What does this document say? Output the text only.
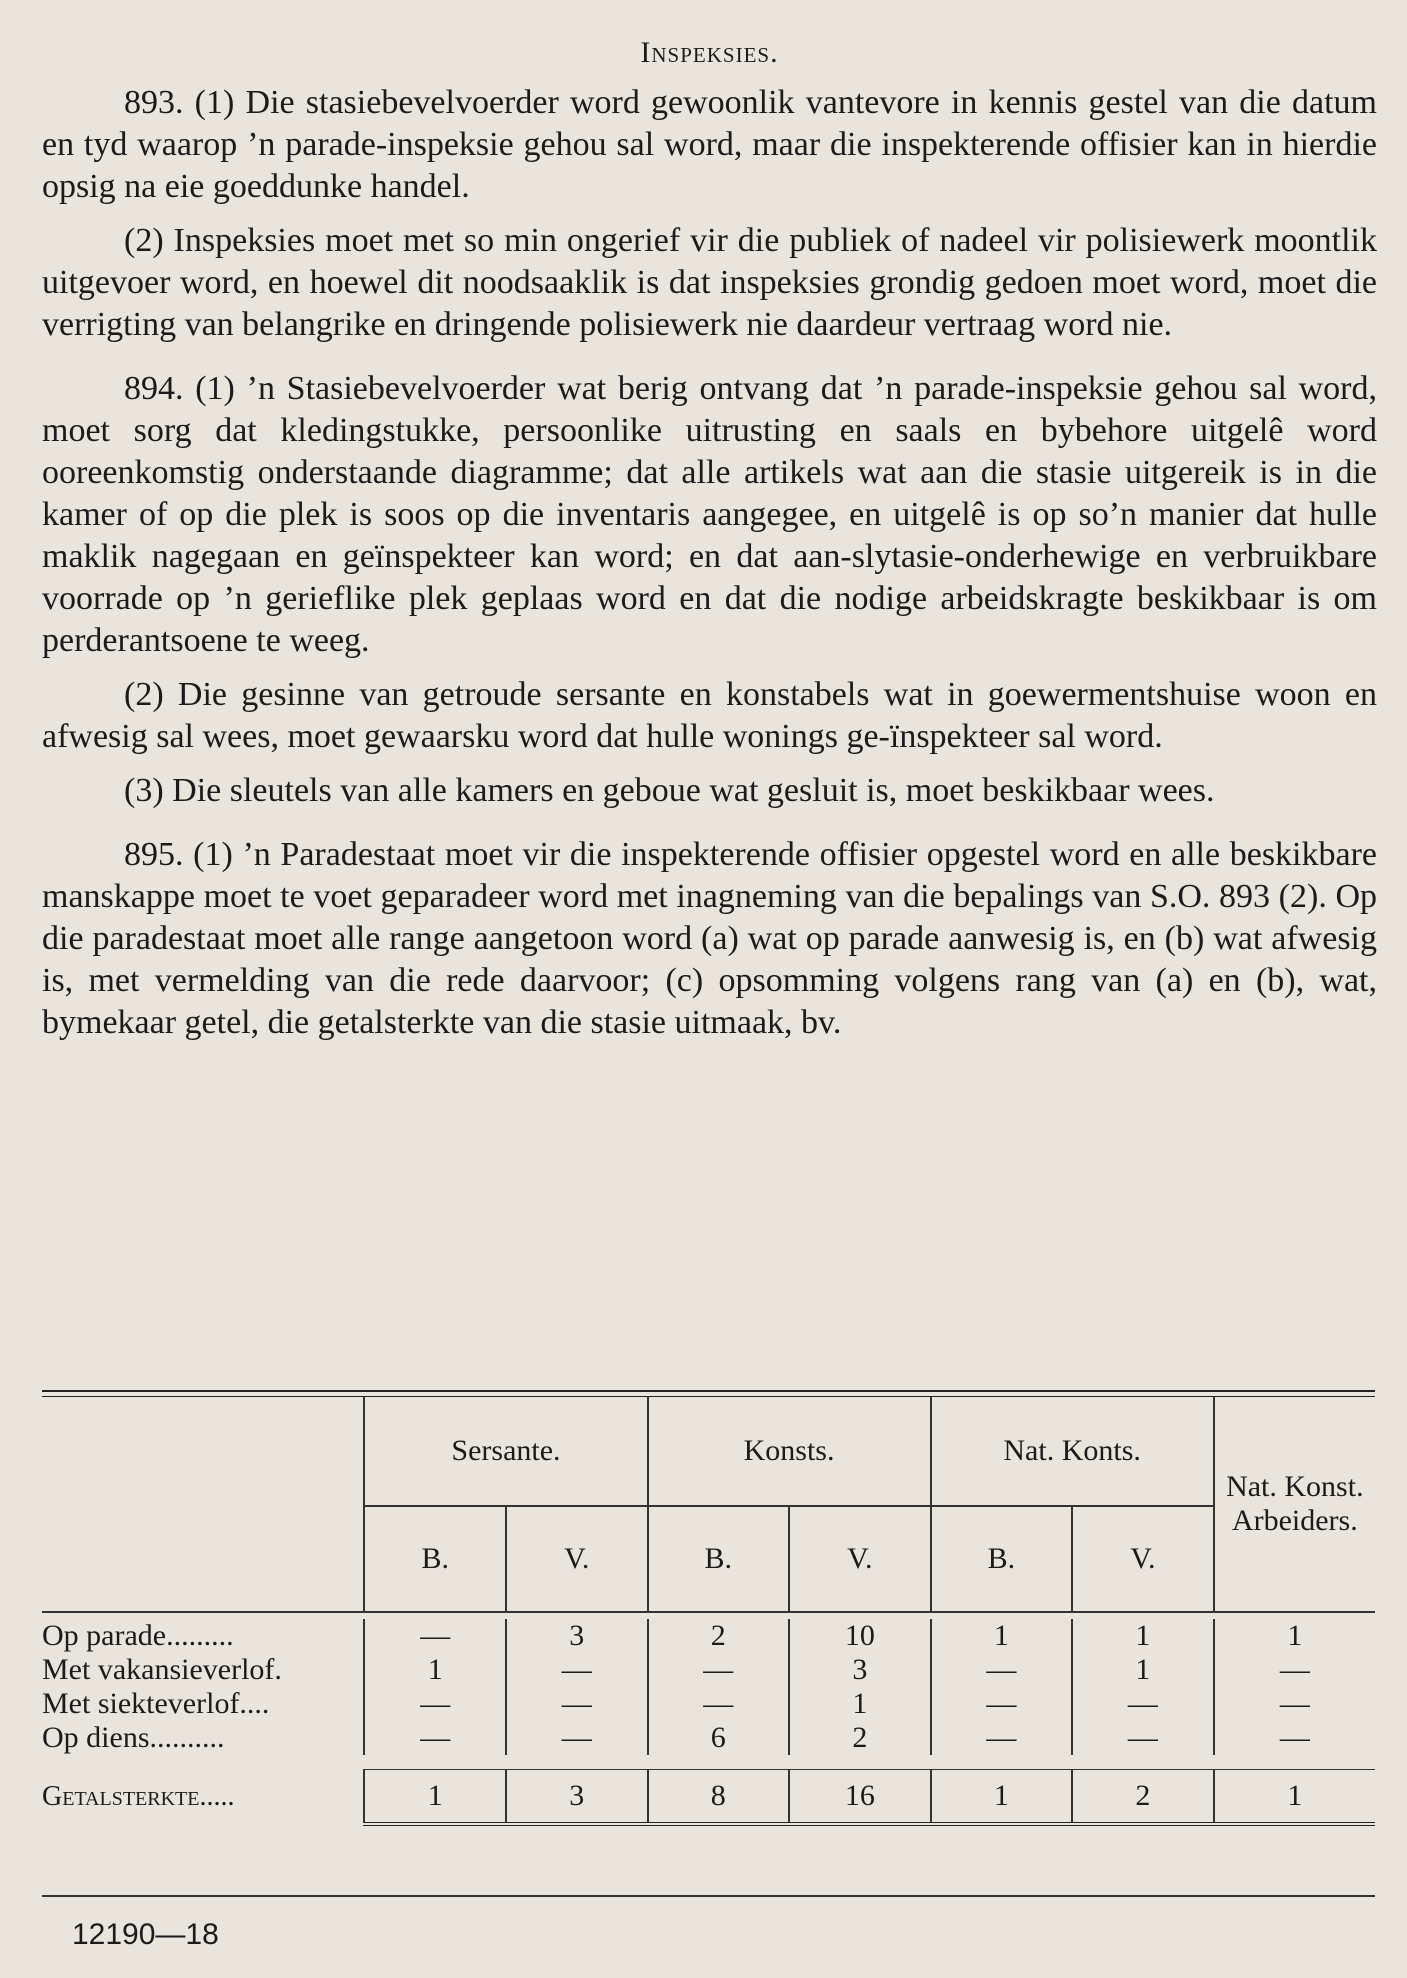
Inspeksies.

893. (1) Die stasiebevelvoerder word gewoonlik vantevore in kennis gestel van die datum en tyd waarop ’n parade-inspeksie gehou sal word, maar die inspekterende offisier kan in hierdie opsig na eie goeddunke handel.

(2) Inspeksies moet met so min ongerief vir die publiek of nadeel vir polisiewerk moontlik uitgevoer word, en hoewel dit noodsaaklik is dat inspeksies grondig gedoen moet word, moet die verrigting van belangrike en dringende polisiewerk nie daardeur vertraag word nie.

894. (1) ’n Stasiebevelvoerder wat berig ontvang dat ’n parade-inspeksie gehou sal word, moet sorg dat kledingstukke, persoonlike uitrusting en saals en bybehore uitgelê word ooreenkomstig onderstaande diagramme; dat alle artikels wat aan die stasie uitgereik is in die kamer of op die plek is soos op die inventaris aangegee, en uitgelê is op so’n manier dat hulle maklik nagegaan en geïnspekteer kan word; en dat aan-slytasie-onderhewige en verbruikbare voorrade op ’n gerieflike plek geplaas word en dat die nodige arbeidskragte beskikbaar is om perderantsoene te weeg.

(2) Die gesinne van getroude sersante en konstabels wat in goewermentshuise woon en afwesig sal wees, moet gewaarsku word dat hulle wonings ge-ïnspekteer sal word.

(3) Die sleutels van alle kamers en geboue wat gesluit is, moet beskikbaar wees.

895. (1) ’n Paradestaat moet vir die inspekterende offisier opgestel word en alle beskikbare manskappe moet te voet geparadeer word met inagneming van die bepalings van S.O. 893 (2). Op die paradestaat moet alle range aangetoon word (a) wat op parade aanwesig is, en (b) wat afwesig is, met vermelding van die rede daarvoor; (c) opsomming volgens rang van (a) en (b), wat, bymekaar getel, die getalsterkte van die stasie uitmaak, bv.

	Sersante.		Konsts.		Nat. Konts.		Nat. Konst. Arbeiders.
	B.	V.	B.	V.	B.	V.	

Op parade.........	—	3	2	10	1	1	1
Met vakansieverlof.	1	—	—	3	—	1	—
Met siekteverlof....	—	—	—	1	—	—	—
Op diens..........	—	—	6	2	—	—	—

Getalsterkte.....	1	3	8	16	1	2	1

12190—18
